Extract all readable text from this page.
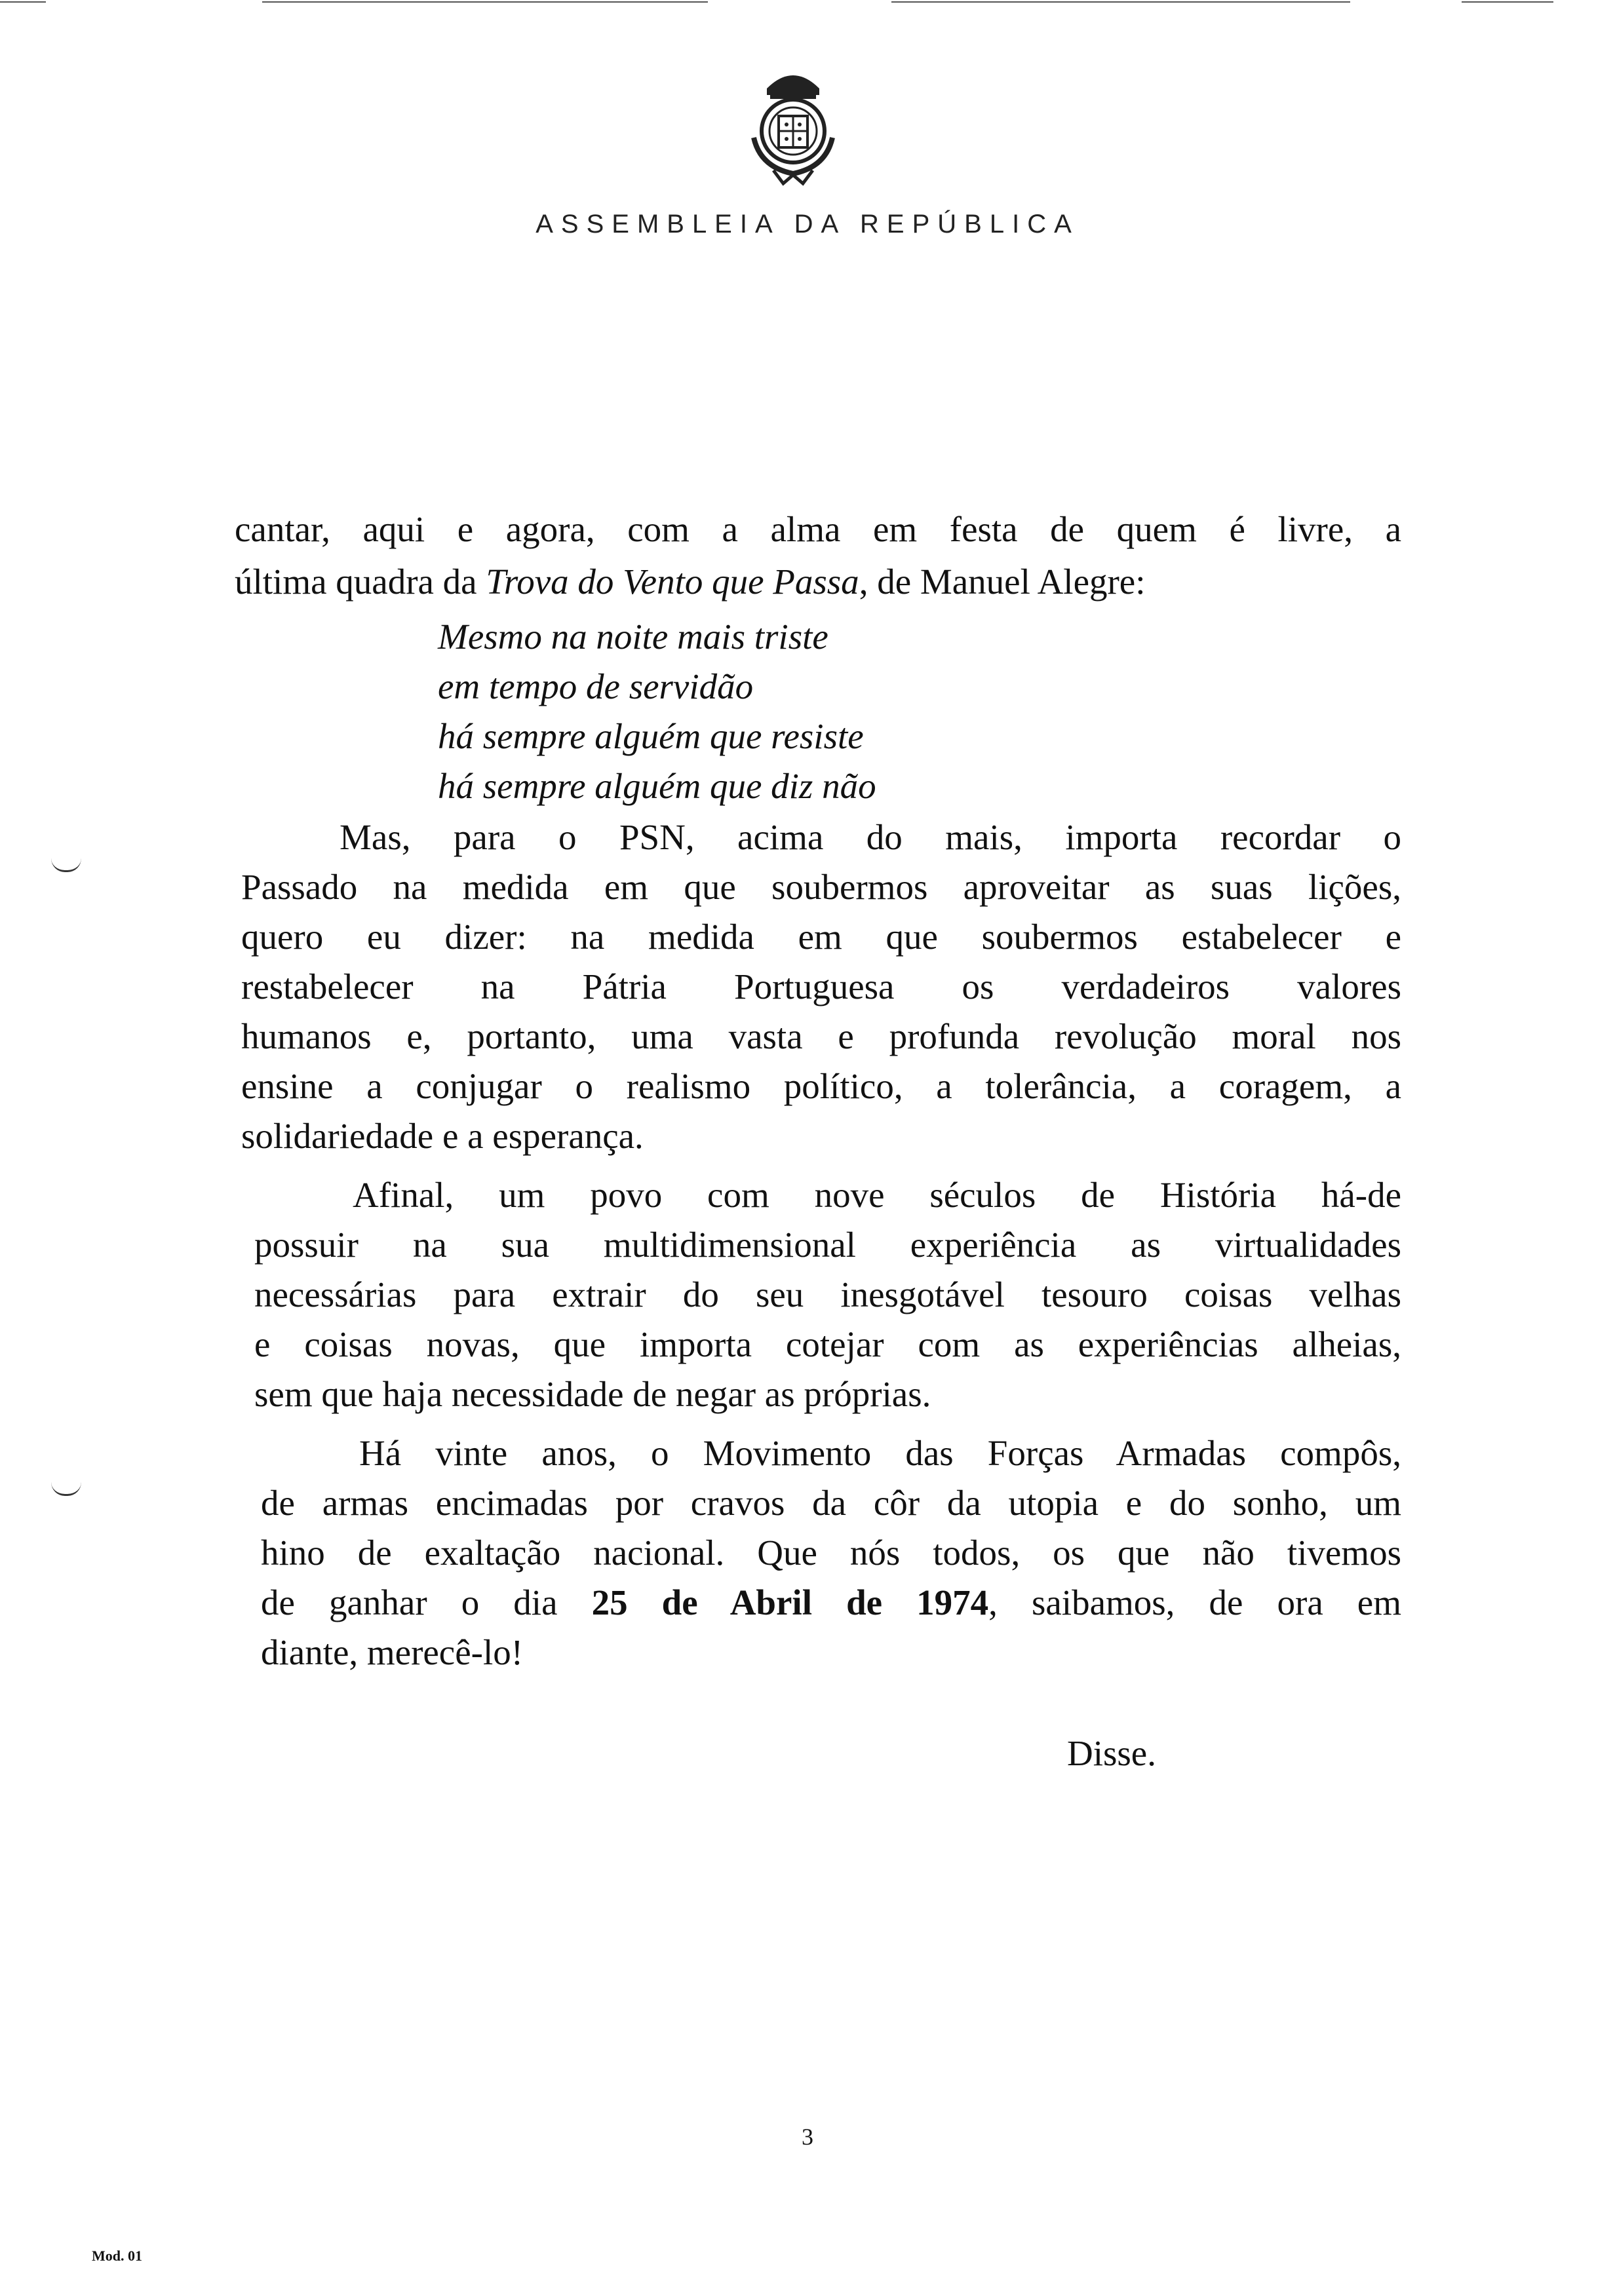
ASSEMBLEIA DA REPÚBLICA
cantar, aqui e agora, com a alma em festa de quem é livre, a
última quadra da Trova do Vento que Passa, de Manuel Alegre:
Mesmo na noite mais triste
em tempo de servidão
há sempre alguém que resiste
há sempre alguém que diz não
Mas, para o PSN, acima do mais, importa recordar o
Passado na medida em que soubermos aproveitar as suas lições,
quero eu dizer: na medida em que soubermos estabelecer e
restabelecer na Pátria Portuguesa os verdadeiros valores
humanos e, portanto, uma vasta e profunda revolução moral nos
ensine a conjugar o realismo político, a tolerância, a coragem, a
solidariedade e a esperança.
Afinal, um povo com nove séculos de História há-de
possuir na sua multidimensional experiência as virtualidades
necessárias para extrair do seu inesgotável tesouro coisas velhas
e coisas novas, que importa cotejar com as experiências alheias,
sem que haja necessidade de negar as próprias.
Há vinte anos, o Movimento das Forças Armadas compôs,
de armas encimadas por cravos da côr da utopia e do sonho, um
hino de exaltação nacional. Que nós todos, os que não tivemos
de ganhar o dia 25 de Abril de 1974, saibamos, de ora em
diante, merecê-lo!
Disse.
3
Mod. 01
